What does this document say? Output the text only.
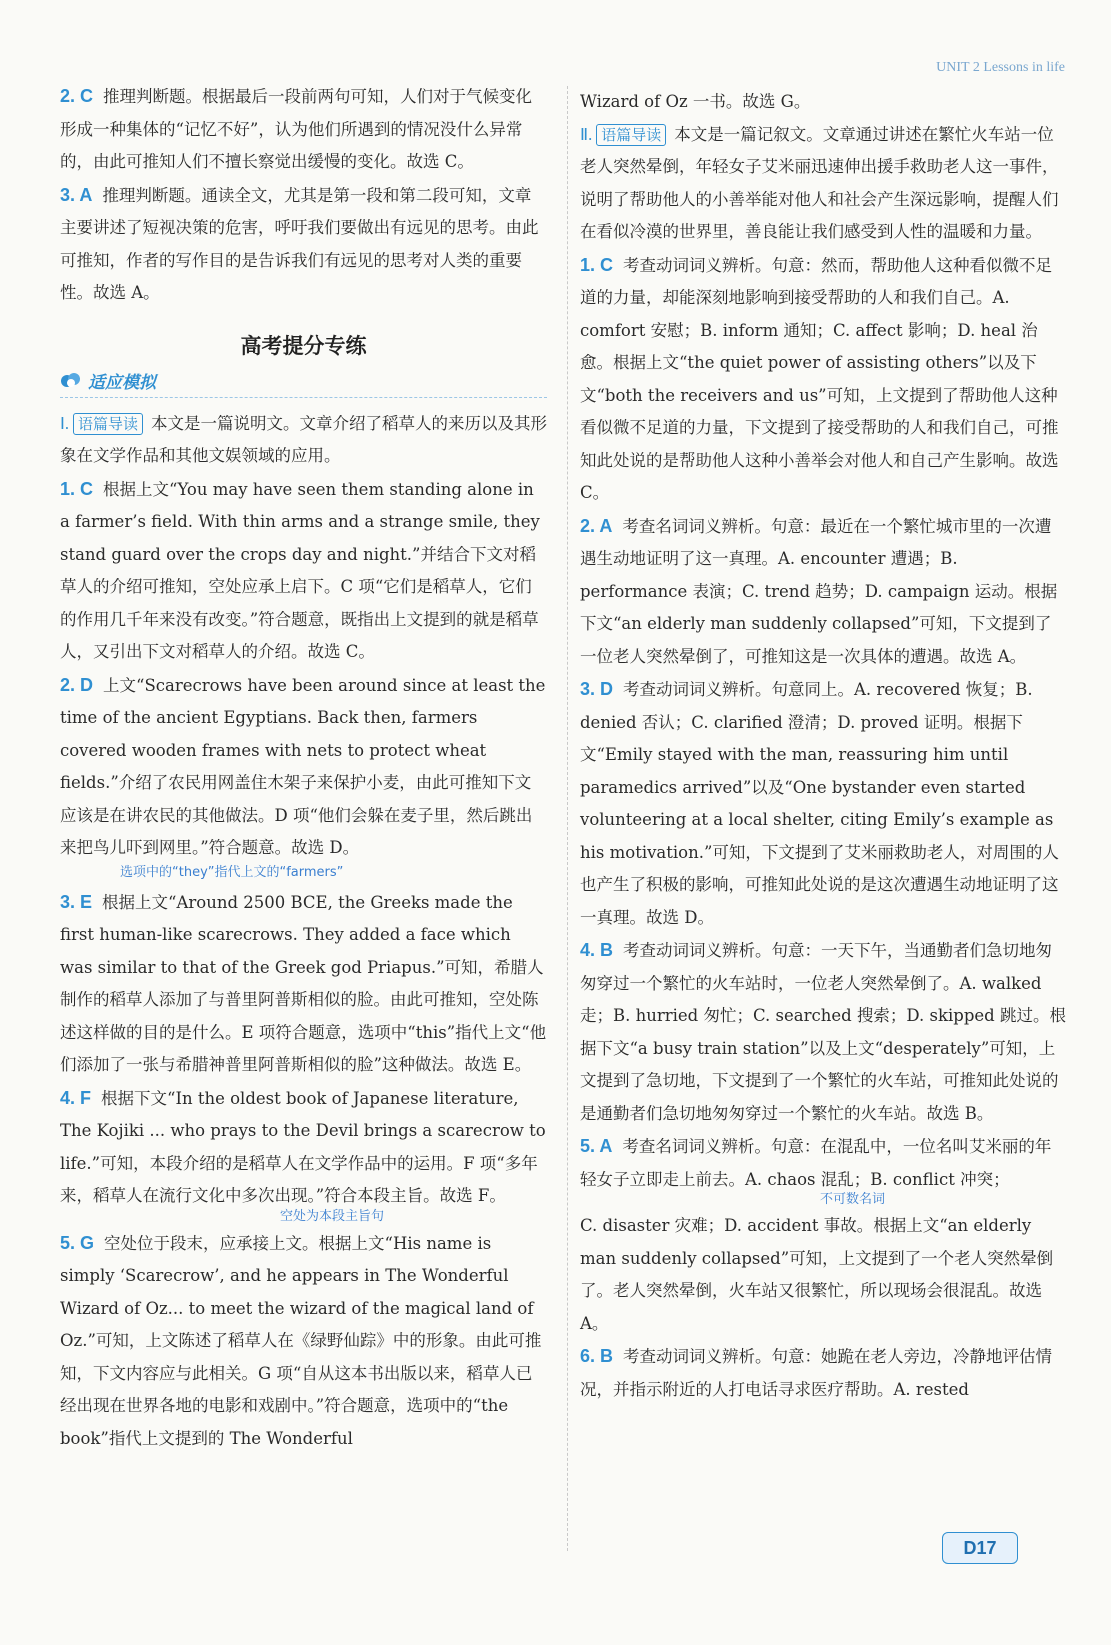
UNIT 2 Lessons in life

2. C 推理判断题。根据最后一段前两句可知，人们对于气候变化形成一种集体的“记忆不好”，认为他们所遇到的情况没什么异常的，由此可推知人们不擅长察觉出缓慢的变化。故选 C。

3. A 推理判断题。通读全文，尤其是第一段和第二段可知，文章主要讲述了短视决策的危害，呼吁我们要做出有远见的思考。由此可推知，作者的写作目的是告诉我们有远见的思考对人类的重要性。故选 A。

高考提分专练
适应模拟

Ⅰ. 语篇导读 本文是一篇说明文。文章介绍了稻草人的来历以及其形象在文学作品和其他文娱领域的应用。

1. C 根据上文“You may have seen them standing alone in a farmer’s field. With thin arms and a strange smile, they stand guard over the crops day and night.”并结合下文对稻草人的介绍可推知，空处应承上启下。C 项“它们是稻草人，它们的作用几千年来没有改变。”符合题意，既指出上文提到的就是稻草人，又引出下文对稻草人的介绍。故选 C。

2. D 上文“Scarecrows have been around since at least the time of the ancient Egyptians. Back then, farmers covered wooden frames with nets to protect wheat fields.”介绍了农民用网盖住木架子来保护小麦，由此可推知下文应该是在讲农民的其他做法。D 项“他们会躲在麦子里，然后跳出来把鸟儿吓到网里。”符合题意。故选 D。

选项中的“they”指代上文的“farmers”

3. E 根据上文“Around 2500 BCE, the Greeks made the first human-like scarecrows. They added a face which was similar to that of the Greek god Priapus.”可知，希腊人制作的稻草人添加了与普里阿普斯相似的脸。由此可推知，空处陈述这样做的目的是什么。E 项符合题意，选项中“this”指代上文“他们添加了一张与希腊神普里阿普斯相似的脸”这种做法。故选 E。

4. F 根据下文“In the oldest book of Japanese literature, The Kojiki ... who prays to the Devil brings a scarecrow to life.”可知，本段介绍的是稻草人在文学作品中的运用。F 项“多年来，稻草人在流行文化中多次出现。”符合本段主旨。故选 F。

空处为本段主旨句

5. G 空处位于段末，应承接上文。根据上文“His name is simply ‘Scarecrow’, and he appears in The Wonderful Wizard of Oz... to meet the wizard of the magical land of Oz.”可知，上文陈述了稻草人在《绿野仙踪》中的形象。由此可推知，下文内容应与此相关。G 项“自从这本书出版以来，稻草人已经出现在世界各地的电影和戏剧中。”符合题意，选项中的“the book”指代上文提到的 The Wonderful

Wizard of Oz 一书。故选 G。

Ⅱ. 语篇导读 本文是一篇记叙文。文章通过讲述在繁忙火车站一位老人突然晕倒，年轻女子艾米丽迅速伸出援手救助老人这一事件，说明了帮助他人的小善举能对他人和社会产生深远影响，提醒人们在看似冷漠的世界里，善良能让我们感受到人性的温暖和力量。

1. C 考查动词词义辨析。句意：然而，帮助他人这种看似微不足道的力量，却能深刻地影响到接受帮助的人和我们自己。A. comfort 安慰；B. inform 通知；C. affect 影响；D. heal 治愈。根据上文“the quiet power of assisting others”以及下文“both the receivers and us”可知，上文提到了帮助他人这种看似微不足道的力量，下文提到了接受帮助的人和我们自己，可推知此处说的是帮助他人这种小善举会对他人和自己产生影响。故选 C。

2. A 考查名词词义辨析。句意：最近在一个繁忙城市里的一次遭遇生动地证明了这一真理。A. encounter 遭遇；B. performance 表演；C. trend 趋势；D. campaign 运动。根据下文“an elderly man suddenly collapsed”可知，下文提到了一位老人突然晕倒了，可推知这是一次具体的遭遇。故选 A。

3. D 考查动词词义辨析。句意同上。A. recovered 恢复；B. denied 否认；C. clarified 澄清；D. proved 证明。根据下文“Emily stayed with the man, reassuring him until paramedics arrived”以及“One bystander even started volunteering at a local shelter, citing Emily’s example as his motivation.”可知，下文提到了艾米丽救助老人，对周围的人也产生了积极的影响，可推知此处说的是这次遭遇生动地证明了这一真理。故选 D。

4. B 考查动词词义辨析。句意：一天下午，当通勤者们急切地匆匆穿过一个繁忙的火车站时，一位老人突然晕倒了。A. walked 走；B. hurried 匆忙；C. searched 搜索；D. skipped 跳过。根据下文“a busy train station”以及上文“desperately”可知，上文提到了急切地，下文提到了一个繁忙的火车站，可推知此处说的是通勤者们急切地匆匆穿过一个繁忙的火车站。故选 B。

5. A 考查名词词义辨析。句意：在混乱中，一位名叫艾米丽的年轻女子立即走上前去。A. chaos 混乱；B. conflict 冲突；

不可数名词

C. disaster 灾难；D. accident 事故。根据上文“an elderly man suddenly collapsed”可知，上文提到了一个老人突然晕倒了。老人突然晕倒，火车站又很繁忙，所以现场会很混乱。故选 A。

6. B 考查动词词义辨析。句意：她跪在老人旁边，冷静地评估情况，并指示附近的人打电话寻求医疗帮助。A. rested

D17
